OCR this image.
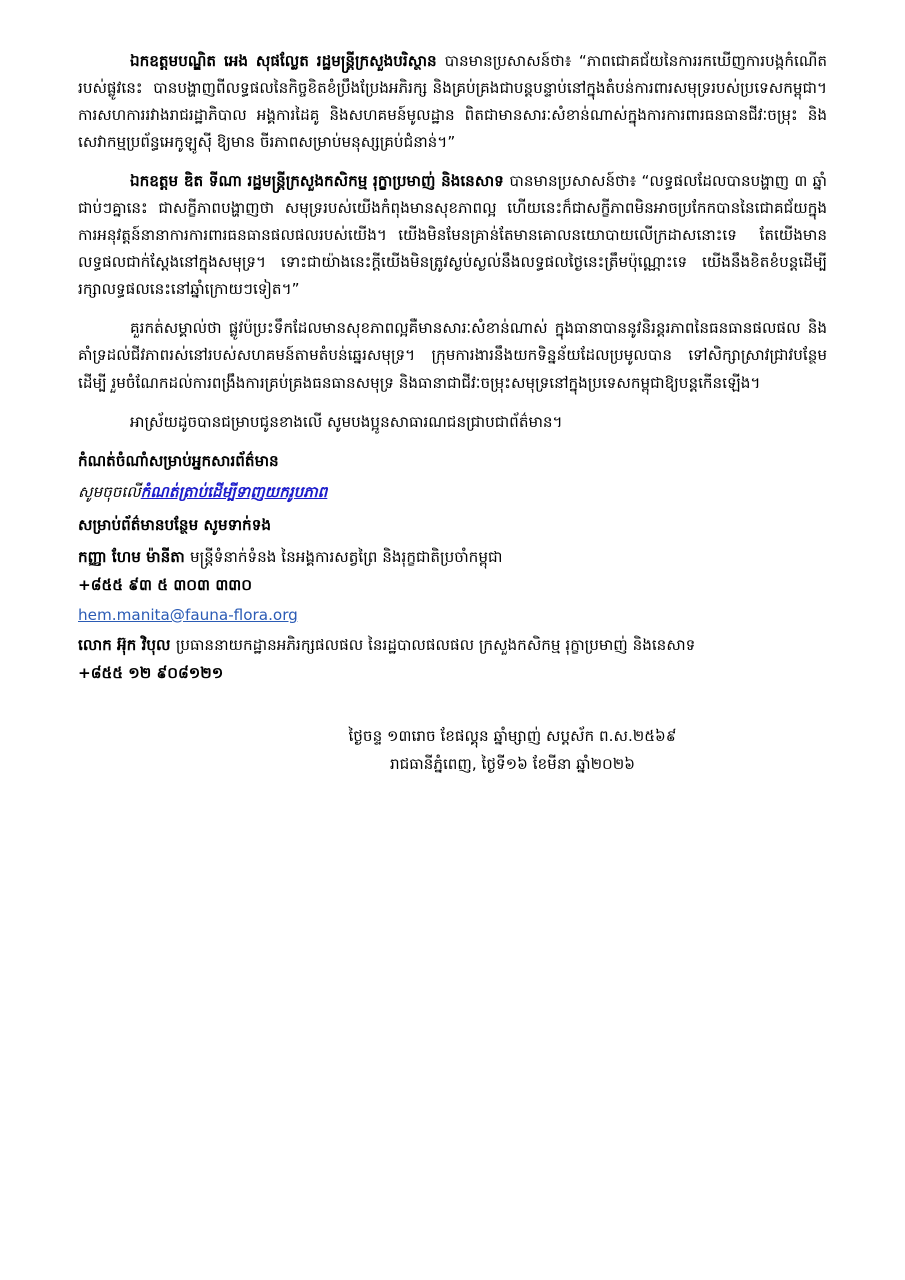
ឯកឧត្តមបណ្ឌិត អេង សុផល្លែត រដ្ឋមន្ត្រីក្រសួងបរិស្ថាន បានមានប្រសាសន៍ថា៖ “ភាពជោគជ័យនៃការរកឃើញការបង្កកំណើតរបស់ផ្លូវនេះ ​ បានបង្ហាញពីលទ្ធផលនៃកិច្ចខិតខំប្រឹងប្រែងអភិរក្ស និងគ្រប់គ្រងជាបន្តបន្ទាប់នៅក្នុងតំបន់ការពារសមុទ្ររបស់ប្រទេសកម្ពុជា។ ការសហការរវាងរាជរដ្ឋាភិបាល អង្គការដៃគូ និងសហគមន៍មូលដ្ឋាន ពិតជាមានសារៈសំខាន់ណាស់ក្នុងការការពារធនធានជីវៈចម្រុះ និងសេវាកម្មប្រព័ន្ធអេកូឡូស៊ី ឱ្យមាន ចីរភាពសម្រាប់មនុស្សគ្រប់ជំនាន់។”

ឯកឧត្តម ឌិត ទីណា រដ្ឋមន្ត្រីក្រសួងកសិកម្ម រុក្ខាប្រមាញ់ និងនេសាទ បានមានប្រសាសន៍ថា៖ “លទ្ធផលដែលបានបង្ហាញ ៣ ឆ្នាំជាប់ៗគ្នានេះ ជាសក្ខីភាពបង្ហាញថា សមុទ្ររបស់យើងកំពុងមានសុខភាពល្អ ហើយនេះក៏ជាសក្ខីភាពមិនអាចប្រកែកបាននៃជោគជ័យក្នុងការអនុវត្តន៍នានាការការពារធនធានផលផលរបស់យើង។ យើងមិនមែនគ្រាន់តែមានគោលនយោបាយលើក្រដាសនោះទេ ​ តែយើងមានលទ្ធផលជាក់ស្តែងនៅក្នុងសមុទ្រ។ ទោះជាយ៉ាងនេះក្តីយើងមិនត្រូវស្ងប់ស្ងល់នឹងលទ្ធផលថ្ងៃនេះត្រឹមប៉ុណ្ណោះទេ យើងនឹងខិតខំបន្តដើម្បីរក្សាលទ្ធផលនេះនៅឆ្នាំក្រោយៗទៀត។”

គួរកត់សម្គាល់ថា ផ្លូវប៉ប្រះទឹកដែលមានសុខភាពល្អគឺមានសារៈសំខាន់ណាស់ ក្នុងធានាបាននូវនិរន្តរភាពនៃធនធានផលផល និងគាំទ្រដល់ជីវភាពរស់នៅរបស់សហគមន៍តាមតំបន់ឆ្នេរសមុទ្រ។ ក្រុមការងារនឹងយកទិន្នន័យដែលប្រមូលបាន ទៅសិក្សាស្រាវជ្រាវបន្ថែមដើម្បី រួមចំណែកដល់ការពង្រឹងការគ្រប់គ្រងធនធានសមុទ្រ និងធានាជាជីវៈចម្រុះសមុទ្រនៅក្នុងប្រទេសកម្ពុជាឱ្យបន្តកើនឡើង។

អាស្រ័យដូចបានជម្រាបជូនខាងលើ សូមបងប្អូនសាធារណជនជ្រាបជាព័ត៌មាន។

កំណត់ចំណាំសម្រាប់អ្នកសារព័ត៌មាន

សូមចុចលើកំណត់ត្រាប់ដើម្បីទាញយករូបភាព

សម្រាប់ព័ត៌មានបន្ថែម សូមទាក់ទង

កញ្ញា ហែម ម៉ានីតា មន្ត្រីទំនាក់ទំនង នៃអង្គការសត្វព្រៃ និងរុក្ខជាតិប្រចាំកម្ពុជា

+៨៥៥ ៩៣ ៥ ៣០៣ ៣៣០

hem.manita@fauna-flora.org

លោក អ៊ុក វិបុល ប្រធាននាយកដ្ឋានអភិរក្សផលផល នៃរដ្ឋបាលផលផល ក្រសួងកសិកម្ម រុក្ខាប្រមាញ់ និងនេសាទ

+៨៥៥ ១២ ៩០៨១២១

ថ្ងៃចន្ទ ១៣រោច ខែផល្គុន ឆ្នាំម្សាញ់ សប្តស័ក ព.ស.២៥៦៩

រាជធានីភ្នំពេញ, ថ្ងៃទី១៦ ខែមីនា ឆ្នាំ២០២៦
